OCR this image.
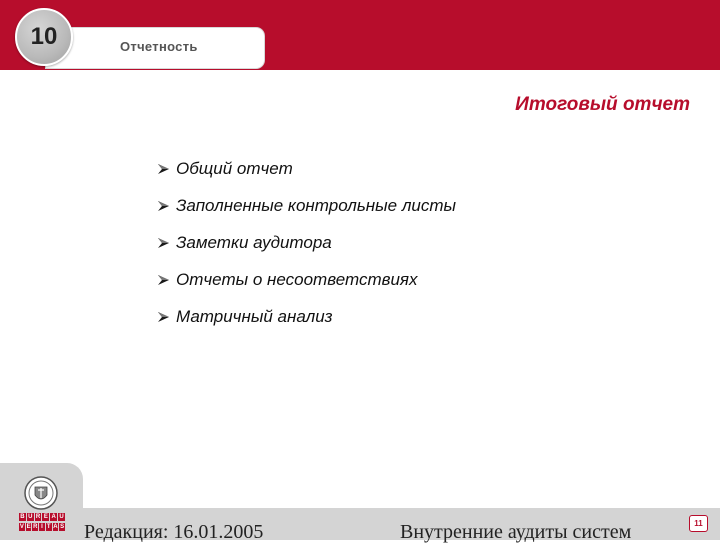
Отчетность
10
Итоговый отчет
Общий отчет
Заполненные контрольные листы
Заметки аудитора
Отчеты о несоответствиях
Матричный анализ
B U R E A U
V E R I T A S Редакция: 16.01.2005	Внутренние аудиты систем	11
